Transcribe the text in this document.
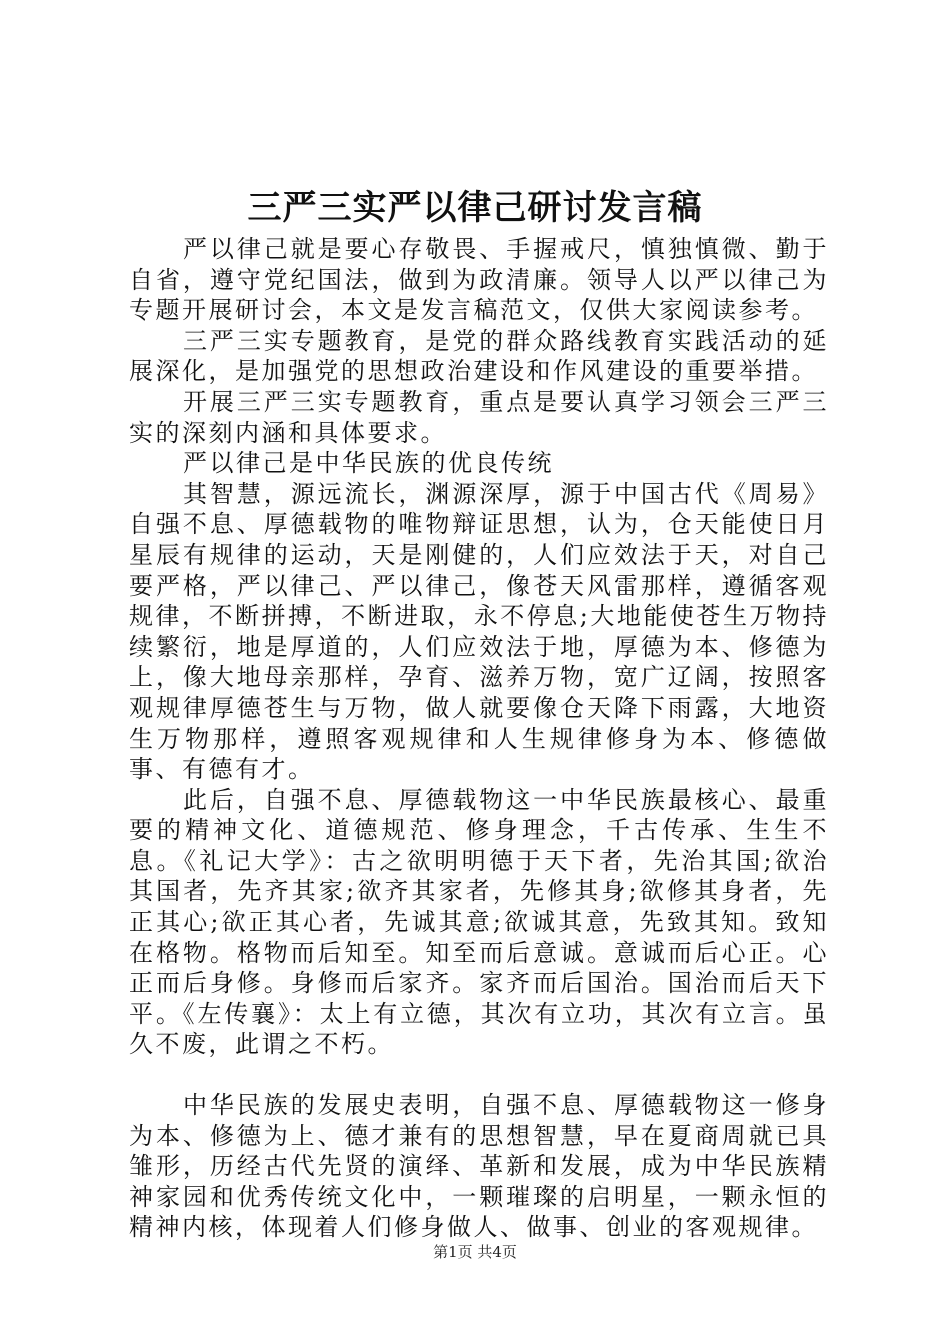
三严三实严以律己研讨发言稿

严以律己就是要心存敬畏、手握戒尺，慎独慎微、勤于自省，遵守党纪国法，做到为政清廉。领导人以严以律己为专题开展研讨会，本文是发言稿范文，仅供大家阅读参考。

三严三实专题教育，是党的群众路线教育实践活动的延展深化，是加强党的思想政治建设和作风建设的重要举措。

开展三严三实专题教育，重点是要认真学习领会三严三实的深刻内涵和具体要求。

严以律己是中华民族的优良传统

其智慧，源远流长，渊源深厚，源于中国古代《周易》自强不息、厚德载物的唯物辩证思想，认为，仓天能使日月星辰有规律的运动，天是刚健的，人们应效法于天，对自己要严格，严以律己、严以律己，像苍天风雷那样，遵循客观规律，不断拼搏，不断进取，永不停息;大地能使苍生万物持续繁衍，地是厚道的，人们应效法于地，厚德为本、修德为上，像大地母亲那样，孕育、滋养万物，宽广辽阔，按照客观规律厚德苍生与万物，做人就要像仓天降下雨露，大地资生万物那样，遵照客观规律和人生规律修身为本、修德做事、有德有才。

此后，自强不息、厚德载物这一中华民族最核心、最重要的精神文化、道德规范、修身理念，千古传承、生生不息。《礼记大学》：古之欲明明德于天下者，先治其国;欲治其国者，先齐其家;欲齐其家者，先修其身;欲修其身者，先正其心;欲正其心者，先诚其意;欲诚其意，先致其知。致知在格物。格物而后知至。知至而后意诚。意诚而后心正。心正而后身修。身修而后家齐。家齐而后国治。国治而后天下平。《左传襄》：太上有立德，其次有立功，其次有立言。虽久不废，此谓之不朽。

中华民族的发展史表明，自强不息、厚德载物这一修身为本、修德为上、德才兼有的思想智慧，早在夏商周就已具雏形，历经古代先贤的演绎、革新和发展，成为中华民族精神家园和优秀传统文化中，一颗璀璨的启明星，一颗永恒的精神内核，体现着人们修身做人、做事、创业的客观规律。

第1页 共4页
